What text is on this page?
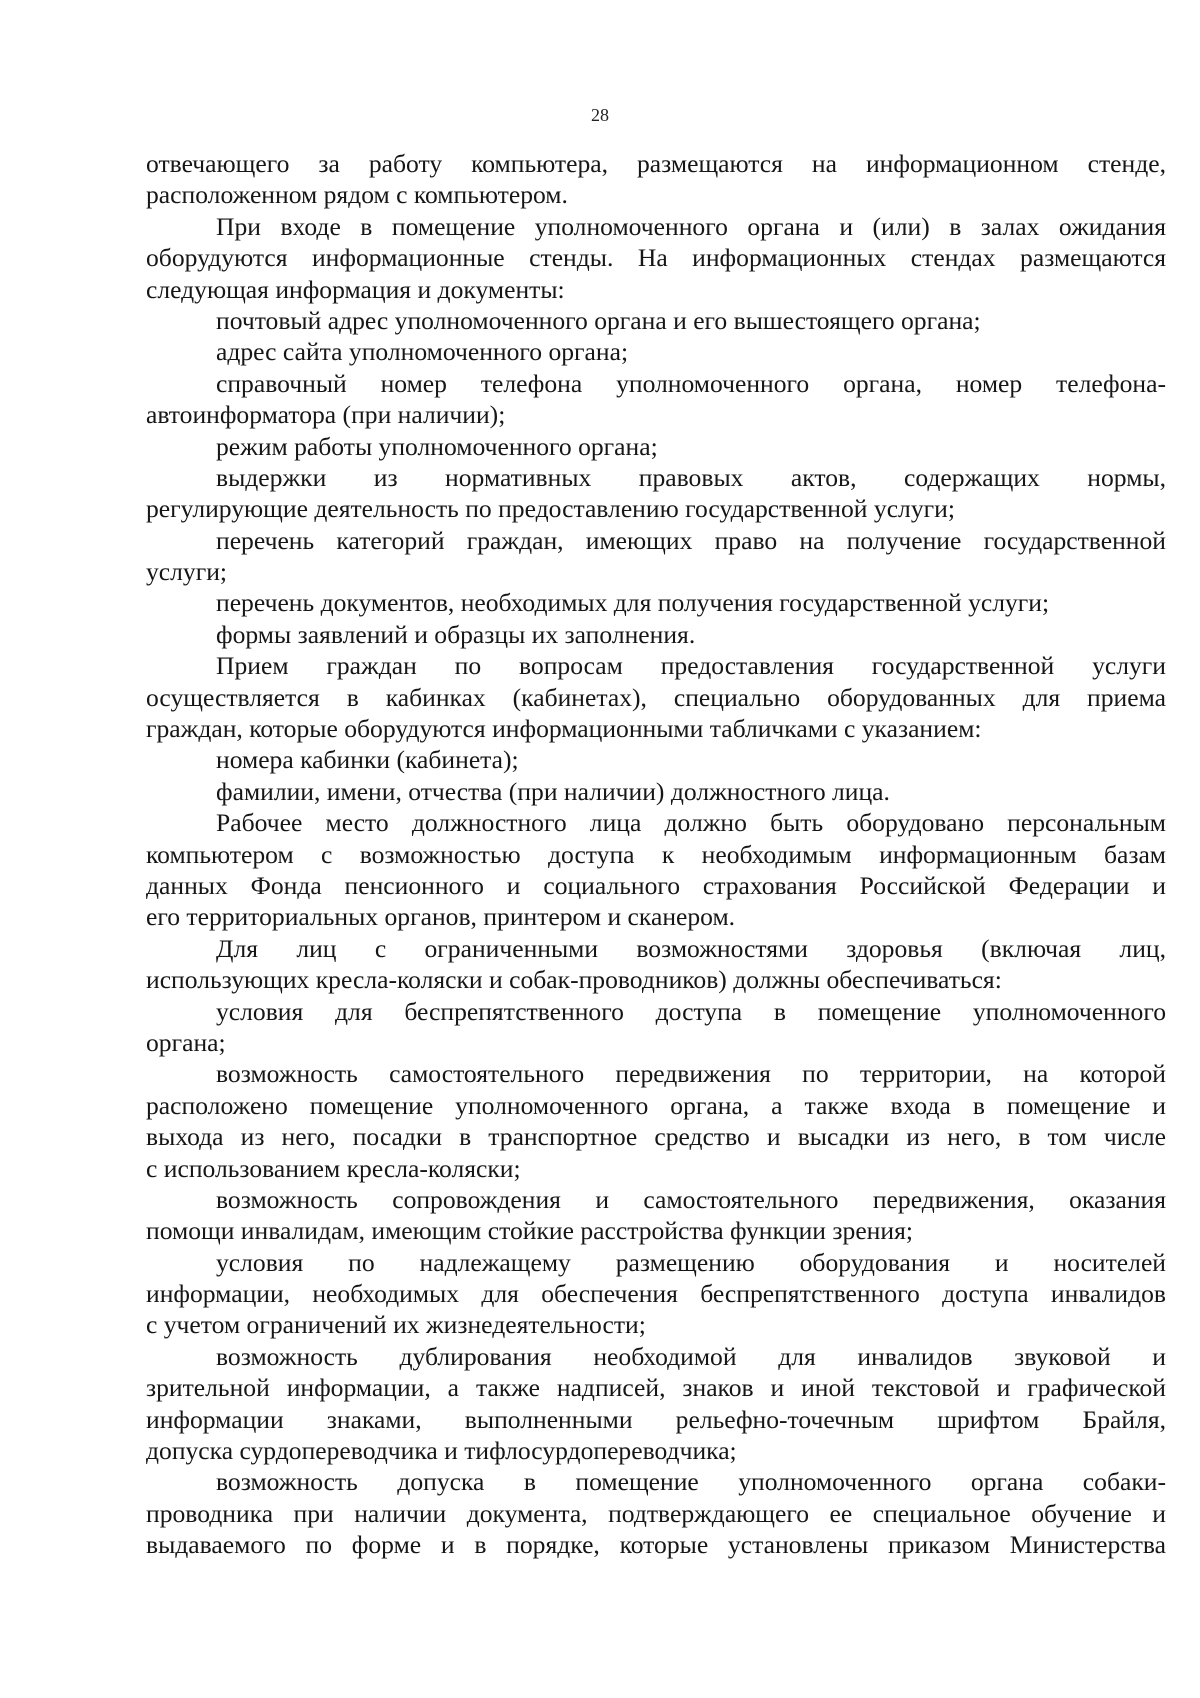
28
отвечающего за работу компьютера, размещаются на информационном стенде,
расположенном рядом с компьютером.
При входе в помещение уполномоченного органа и (или) в залах ожидания
оборудуются информационные стенды. На информационных стендах размещаются
следующая информация и документы:
почтовый адрес уполномоченного органа и его вышестоящего органа;
адрес сайта уполномоченного органа;
справочный номер телефона уполномоченного органа, номер телефона-
автоинформатора (при наличии);
режим работы уполномоченного органа;
выдержки из нормативных правовых актов, содержащих нормы,
регулирующие деятельность по предоставлению государственной услуги;
перечень категорий граждан, имеющих право на получение государственной
услуги;
перечень документов, необходимых для получения государственной услуги;
формы заявлений и образцы их заполнения.
Прием граждан по вопросам предоставления государственной услуги
осуществляется в кабинках (кабинетах), специально оборудованных для приема
граждан, которые оборудуются информационными табличками с указанием:
номера кабинки (кабинета);
фамилии, имени, отчества (при наличии) должностного лица.
Рабочее место должностного лица должно быть оборудовано персональным
компьютером с возможностью доступа к необходимым информационным базам
данных Фонда пенсионного и социального страхования Российской Федерации и
его территориальных органов, принтером и сканером.
Для лиц с ограниченными возможностями здоровья (включая лиц,
использующих кресла-коляски и собак-проводников) должны обеспечиваться:
условия для беспрепятственного доступа в помещение уполномоченного
органа;
возможность самостоятельного передвижения по территории, на которой
расположено помещение уполномоченного органа, а также входа в помещение и
выхода из него, посадки в транспортное средство и высадки из него, в том числе
с использованием кресла-коляски;
возможность сопровождения и самостоятельного передвижения, оказания
помощи инвалидам, имеющим стойкие расстройства функции зрения;
условия по надлежащему размещению оборудования и носителей
информации, необходимых для обеспечения беспрепятственного доступа инвалидов
с учетом ограничений их жизнедеятельности;
возможность дублирования необходимой для инвалидов звуковой и
зрительной информации, а также надписей, знаков и иной текстовой и графической
информации знаками, выполненными рельефно-точечным шрифтом Брайля,
допуска сурдопереводчика и тифлосурдопереводчика;
возможность допуска в помещение уполномоченного органа собаки-
проводника при наличии документа, подтверждающего ее специальное обучение и
выдаваемого по форме и в порядке, которые установлены приказом Министерства
